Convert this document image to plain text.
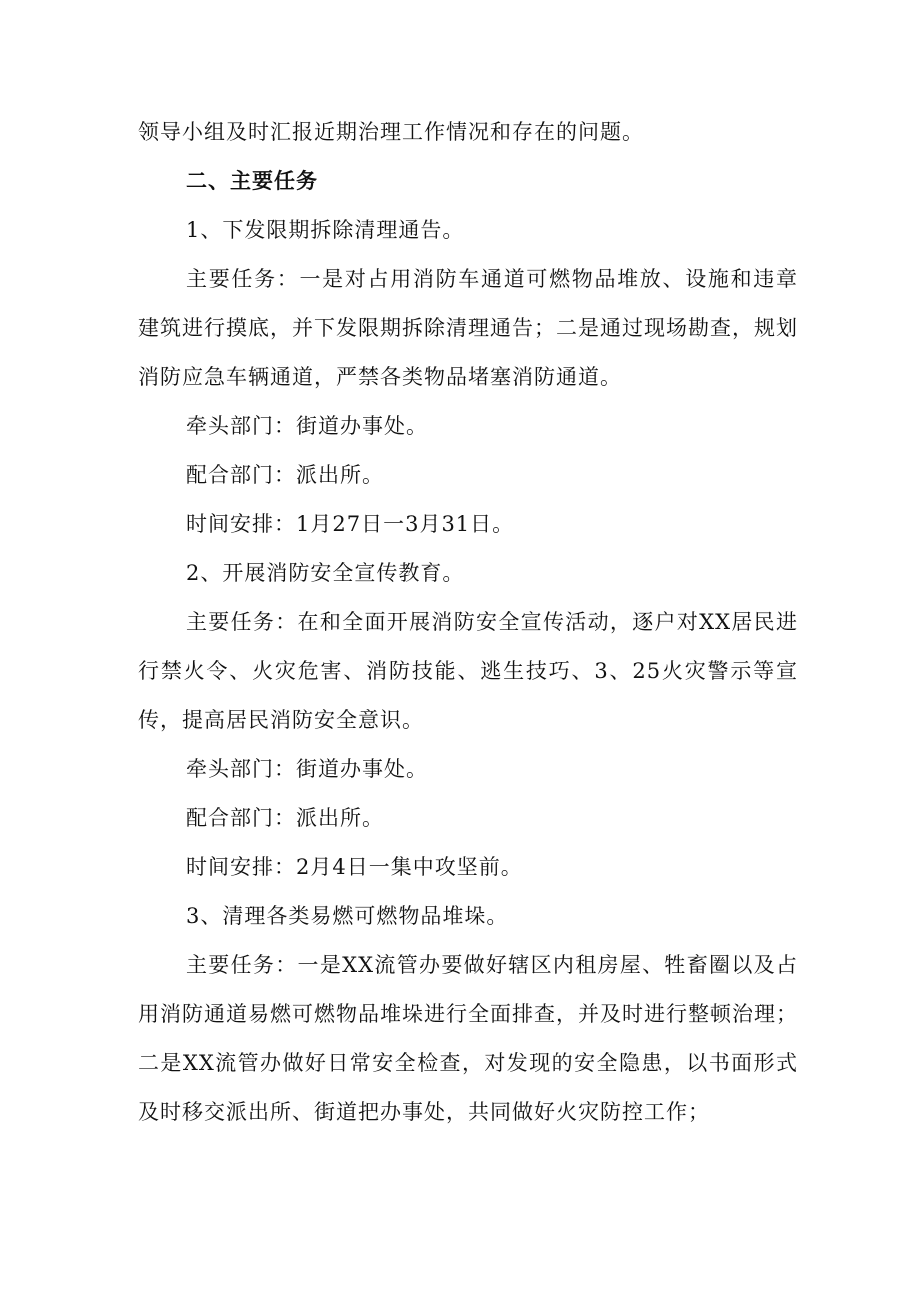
领导小组及时汇报近期治理工作情况和存在的问题。

二、主要任务

1、下发限期拆除清理通告。

主要任务：一是对占用消防车通道可燃物品堆放、设施和违章建筑进行摸底，并下发限期拆除清理通告；二是通过现场勘查，规划消防应急车辆通道，严禁各类物品堵塞消防通道。

牵头部门：街道办事处。

配合部门：派出所。

时间安排：1月27日一3月31日。

2、开展消防安全宣传教育。

主要任务：在和全面开展消防安全宣传活动，逐户对XX居民进行禁火令、火灾危害、消防技能、逃生技巧、3、25火灾警示等宣传，提高居民消防安全意识。

牵头部门：街道办事处。

配合部门：派出所。

时间安排：2月4日一集中攻坚前。

3、清理各类易燃可燃物品堆垛。

主要任务：一是XX流管办要做好辖区内租房屋、牲畜圈以及占用消防通道易燃可燃物品堆垛进行全面排查，并及时进行整顿治理；二是XX流管办做好日常安全检查，对发现的安全隐患，以书面形式及时移交派出所、街道把办事处，共同做好火灾防控工作；
